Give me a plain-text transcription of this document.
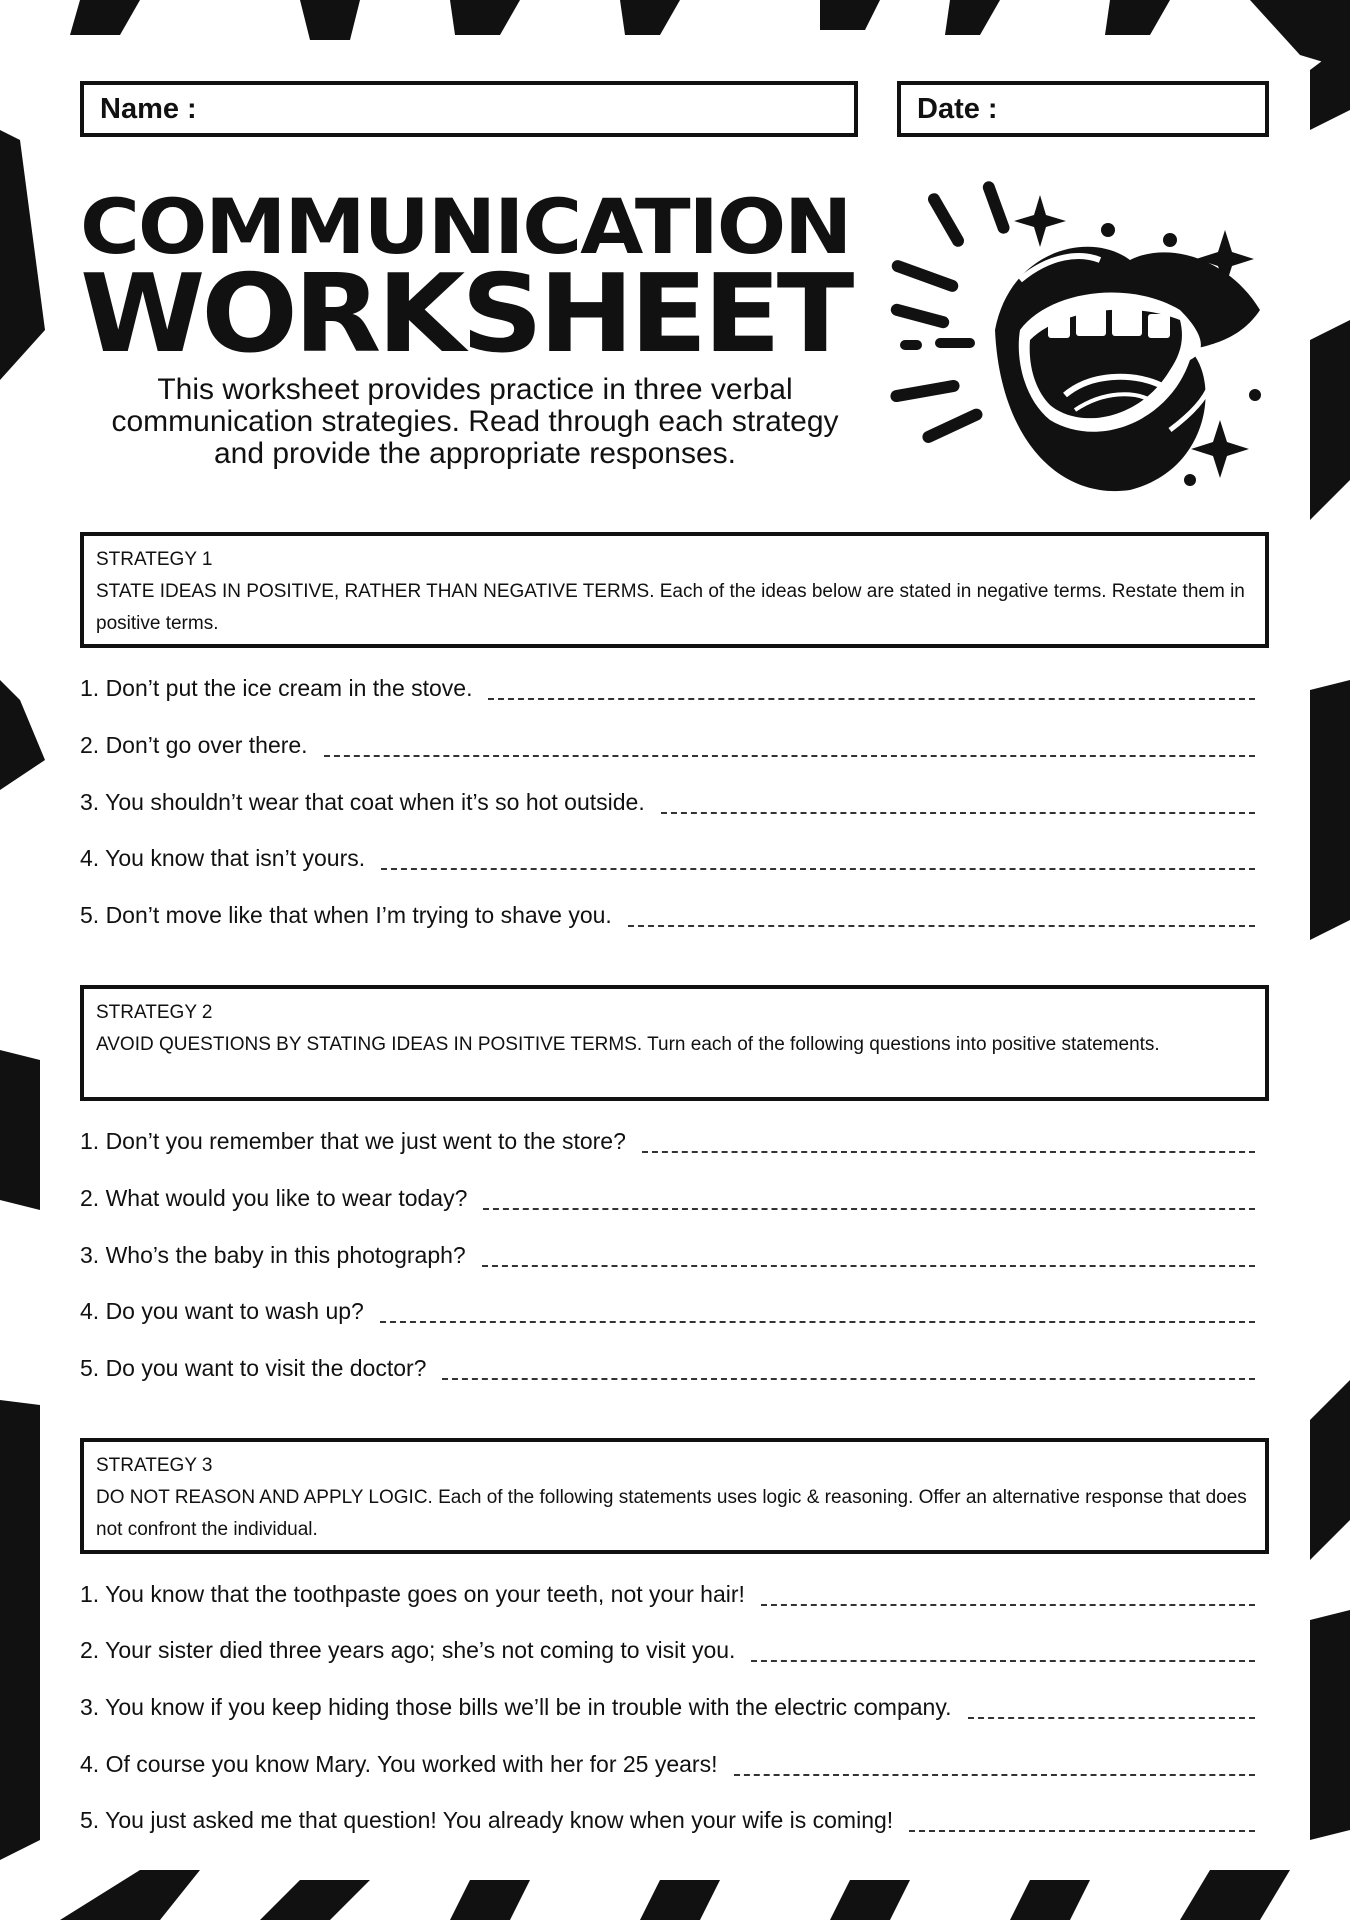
Name :	Date :
COMMUNICATION
WORKSHEET
This worksheet provides practice in three verbal communication strategies. Read through each strategy and provide the appropriate responses.
STRATEGY 1
STATE IDEAS IN POSITIVE, RATHER THAN NEGATIVE TERMS. Each of the ideas below are stated in negative terms. Restate them in positive terms.
1. Don’t put the ice cream in the stove.
2. Don’t go over there.
3. You shouldn’t wear that coat when it’s so hot outside.
4. You know that isn’t yours.
5. Don’t move like that when I’m trying to shave you.
STRATEGY 2
AVOID QUESTIONS BY STATING IDEAS IN POSITIVE TERMS. Turn each of the following questions into positive statements.
1. Don’t you remember that we just went to the store?
2. What would you like to wear today?
3. Who’s the baby in this photograph?
4. Do you want to wash up?
5. Do you want to visit the doctor?
STRATEGY 3
DO NOT REASON AND APPLY LOGIC. Each of the following statements uses logic & reasoning. Offer an alternative response that does not confront the individual.
1. You know that the toothpaste goes on your teeth, not your hair!
2. Your sister died three years ago; she’s not coming to visit you.
3. You know if you keep hiding those bills we’ll be in trouble with the electric company.
4. Of course you know Mary. You worked with her for 25 years!
5. You just asked me that question! You already know when your wife is coming!
